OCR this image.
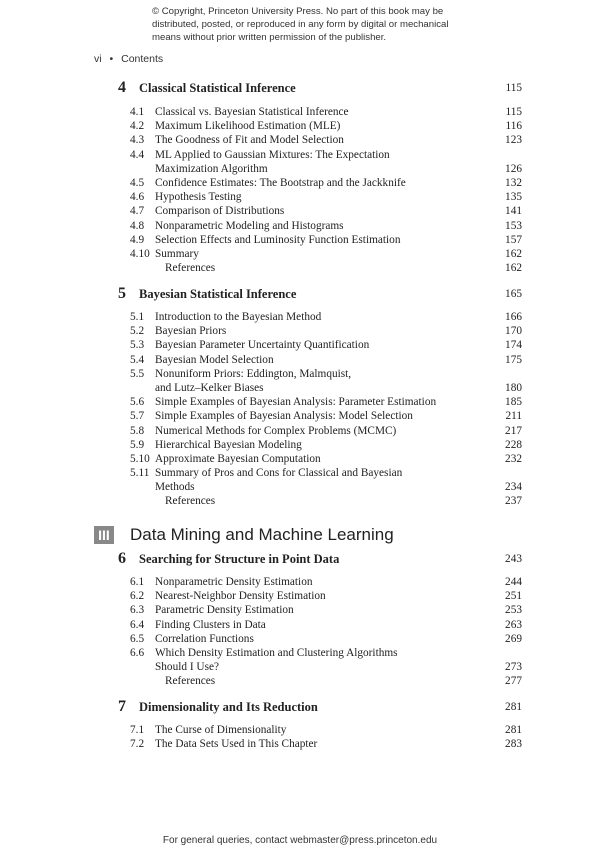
© Copyright, Princeton University Press. No part of this book may be distributed, posted, or reproduced in any form by digital or mechanical means without prior written permission of the publisher.
vi • Contents
III Data Mining and Machine Learning
4 Classical Statistical Inference	115
4.1 Classical vs. Bayesian Statistical Inference	115
4.2 Maximum Likelihood Estimation (MLE)	116
4.3 The Goodness of Fit and Model Selection	123
4.4 ML Applied to Gaussian Mixtures: The Expectation
Maximization Algorithm	126
4.5 Confidence Estimates: The Bootstrap and the Jackknife	132
4.6 Hypothesis Testing	135
4.7 Comparison of Distributions	141
4.8 Nonparametric Modeling and Histograms	153
4.9 Selection Effects and Luminosity Function Estimation	157
4.10 Summary	162
References	162
5 Bayesian Statistical Inference	165
5.1 Introduction to the Bayesian Method	166
5.2 Bayesian Priors	170
5.3 Bayesian Parameter Uncertainty Quantification	174
5.4 Bayesian Model Selection	175
5.5 Nonuniform Priors: Eddington, Malmquist,
and Lutz–Kelker Biases	180
5.6 Simple Examples of Bayesian Analysis: Parameter Estimation	185
5.7 Simple Examples of Bayesian Analysis: Model Selection	211
5.8 Numerical Methods for Complex Problems (MCMC)	217
5.9 Hierarchical Bayesian Modeling	228
5.10 Approximate Bayesian Computation	232
5.11 Summary of Pros and Cons for Classical and Bayesian
Methods	234
References	237
6 Searching for Structure in Point Data	243
6.1 Nonparametric Density Estimation	244
6.2 Nearest-Neighbor Density Estimation	251
6.3 Parametric Density Estimation	253
6.4 Finding Clusters in Data	263
6.5 Correlation Functions	269
6.6 Which Density Estimation and Clustering Algorithms
Should I Use?	273
References	277
7 Dimensionality and Its Reduction	281
7.1 The Curse of Dimensionality	281
7.2 The Data Sets Used in This Chapter	283
For general queries, contact webmaster@press.princeton.edu
